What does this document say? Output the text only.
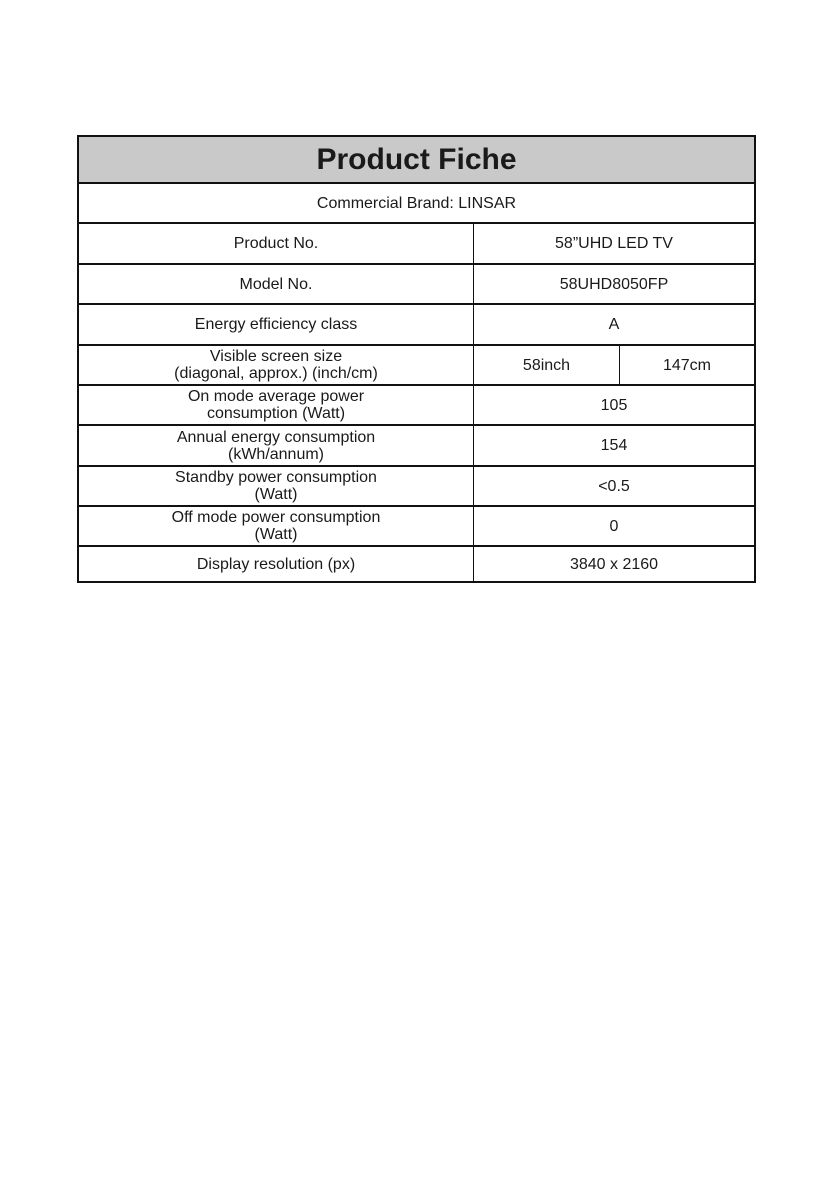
Product Fiche
Commercial Brand: LINSAR
Product No.	58”UHD LED TV
Model No.	58UHD8050FP
Energy efficiency class	A
Visible screen size
(diagonal, approx.) (inch/cm)	58inch	147cm
On mode average power
consumption (Watt)	105
Annual energy consumption
(kWh/annum)	154
Standby power consumption
(Watt)	<0.5
Off mode power consumption
(Watt)	0
Display resolution (px)	3840 x 2160
